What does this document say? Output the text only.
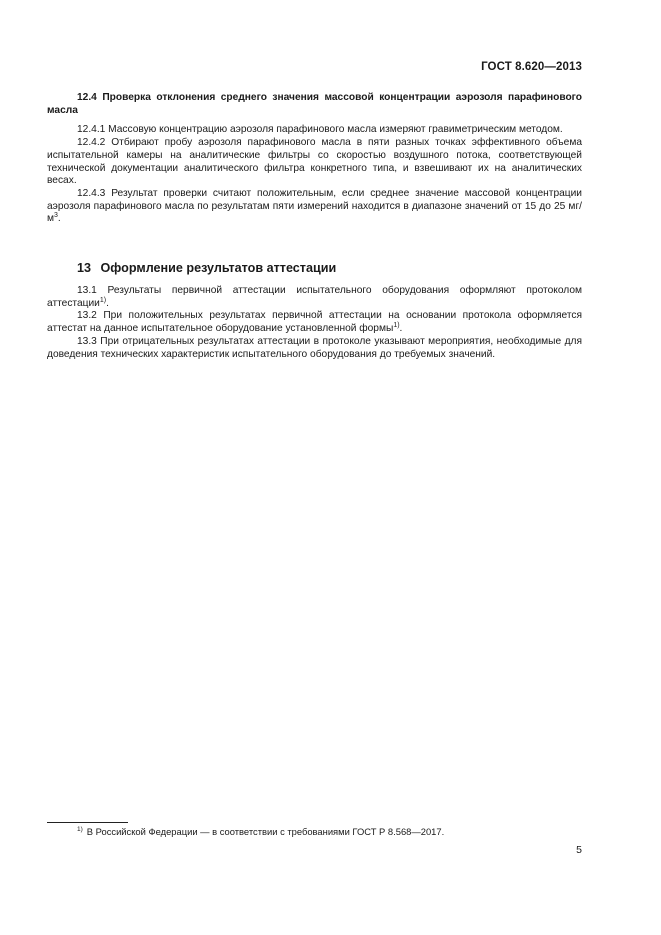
ГОСТ 8.620—2013

12.4 Проверка отклонения среднего значения массовой концентрации аэрозоля парафинового масла

12.4.1 Массовую концентрацию аэрозоля парафинового масла измеряют гравиметрическим методом.

12.4.2 Отбирают пробу аэрозоля парафинового масла в пяти разных точках эффективного объема испытательной камеры на аналитические фильтры со скоростью воздушного потока, соответствующей технической документации аналитического фильтра конкретного типа, и взвешивают их на аналитических весах.

12.4.3 Результат проверки считают положительным, если среднее значение массовой концентрации аэрозоля парафинового масла по результатам пяти измерений находится в диапазоне значений от 15 до 25 $мг/м^3$.

13 Оформление результатов аттестации

13.1 Результаты первичной аттестации испытательного оборудования оформляют протоколом аттестации$^{1)}$.

13.2 При положительных результатах первичной аттестации на основании протокола оформляется аттестат на данное испытательное оборудование установленной формы$^{1)}$.

13.3 При отрицательных результатах аттестации в протоколе указывают мероприятия, необходимые для доведения технических характеристик испытательного оборудования до требуемых значений.

$^{1)}$ В Российской Федерации — в соответствии с требованиями ГОСТ Р 8.568—2017.
5
